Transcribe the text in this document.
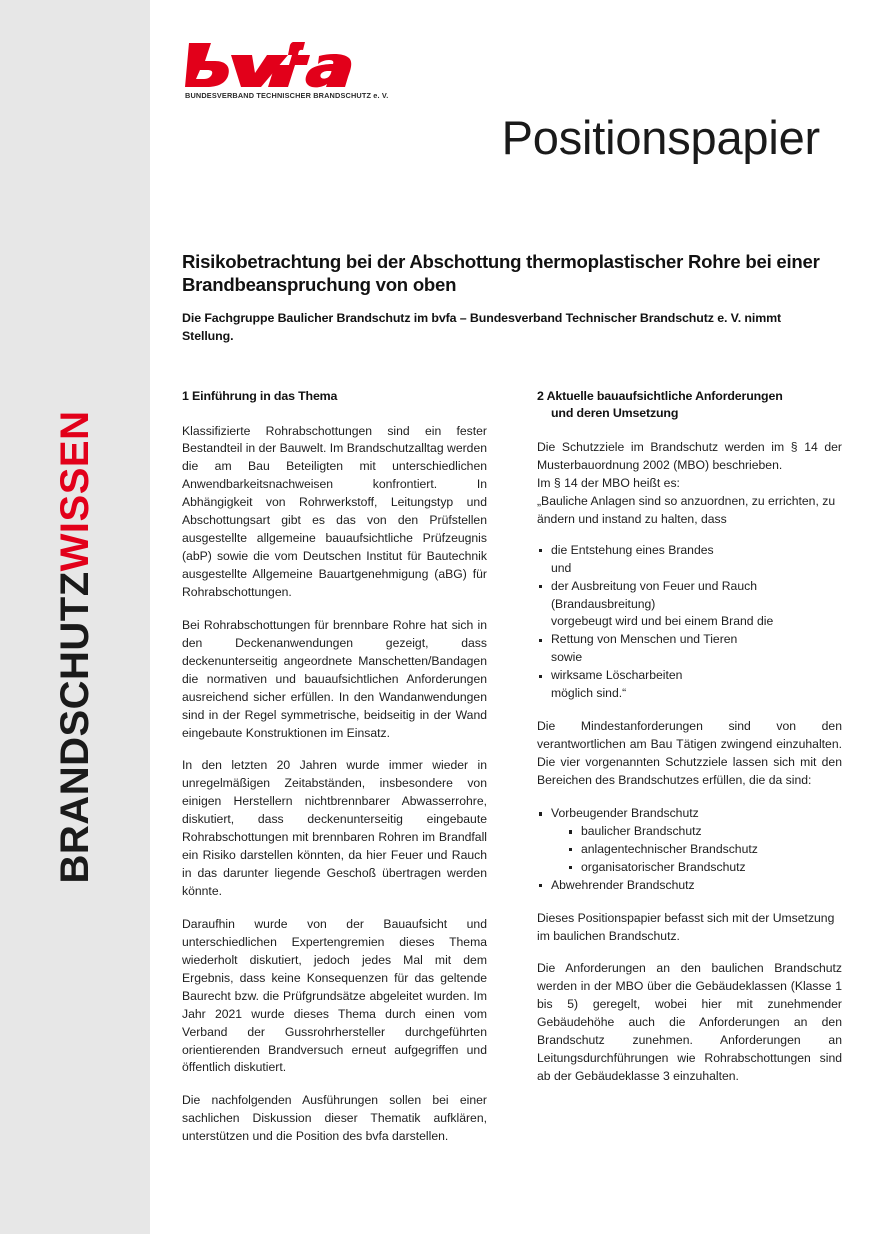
BRANDSCHUTZWISSEN
BUNDESVERBAND TECHNISCHER BRANDSCHUTZ e. V.
Positionspapier
Risikobetrachtung bei der Abschottung thermoplastischer Rohre bei einer Brandbeanspruchung von oben

Die Fachgruppe Baulicher Brandschutz im bvfa – Bundesverband Technischer Brandschutz e. V. nimmt Stellung.

1 Einführung in das Thema

Klassifizierte Rohrabschottungen sind ein fester Bestandteil in der Bauwelt. Im Brandschutzalltag werden die am Bau Beteiligten mit unterschiedlichen Anwendbarkeitsnachweisen konfrontiert. In Abhängigkeit von Rohrwerkstoff, Leitungstyp und Abschottungsart gibt es das von den Prüfstellen ausgestellte allgemeine bauaufsichtliche Prüfzeugnis (abP) sowie die vom Deutschen Institut für Bautechnik ausgestellte Allgemeine Bauartgenehmigung (aBG) für Rohrabschottungen.

Bei Rohrabschottungen für brennbare Rohre hat sich in den Deckenanwendungen gezeigt, dass deckenunterseitig angeordnete Manschetten/Bandagen die normativen und bauaufsichtlichen Anforderungen ausreichend sicher erfüllen. In den Wandanwendungen sind in der Regel symmetrische, beidseitig in der Wand eingebaute Konstruktionen im Einsatz.

In den letzten 20 Jahren wurde immer wieder in unregelmäßigen Zeitabständen, insbesondere von einigen Herstellern nichtbrennbarer Abwasserrohre, diskutiert, dass deckenunterseitig eingebaute Rohrabschottungen mit brennbaren Rohren im Brandfall ein Risiko darstellen könnten, da hier Feuer und Rauch in das darunter liegende Geschoß übertragen werden könnte.

Daraufhin wurde von der Bauaufsicht und unterschiedlichen Expertengremien dieses Thema wiederholt diskutiert, jedoch jedes Mal mit dem Ergebnis, dass keine Konsequenzen für das geltende Baurecht bzw. die Prüfgrundsätze abgeleitet wurden. Im Jahr 2021 wurde dieses Thema durch einen vom Verband der Gussrohrhersteller durchgeführten orientierenden Brandversuch erneut aufgegriffen und öffentlich diskutiert.

Die nachfolgenden Ausführungen sollen bei einer sachlichen Diskussion dieser Thematik aufklären, unterstützen und die Position des bvfa darstellen.

2 Aktuelle bauaufsichtliche Anforderungen
und deren Umsetzung

Die Schutzziele im Brandschutz werden im § 14 der Musterbauordnung 2002 (MBO) beschrieben.

Im § 14 der MBO heißt es:

„Bauliche Anlagen sind so anzuordnen, zu errichten, zu ändern und instand zu halten, dass

die Entstehung eines Brandes
und
der Ausbreitung von Feuer und Rauch (Brandausbreitung)
vorgebeugt wird und bei einem Brand die
Rettung von Menschen und Tieren
sowie
wirksame Löscharbeiten
möglich sind.“

Die Mindestanforderungen sind von den verantwortlichen am Bau Tätigen zwingend einzuhalten. Die vier vorgenannten Schutzziele lassen sich mit den Bereichen des Brandschutzes erfüllen, die da sind:

Vorbeugender Brandschutz
baulicher Brandschutz
anlagentechnischer Brandschutz
organisatorischer Brandschutz
Abwehrender Brandschutz

Dieses Positionspapier befasst sich mit der Umsetzung im baulichen Brandschutz.

Die Anforderungen an den baulichen Brandschutz werden in der MBO über die Gebäudeklassen (Klasse 1 bis 5) geregelt, wobei hier mit zunehmender Gebäudehöhe auch die Anforderungen an den Brandschutz zunehmen. Anforderungen an Leitungsdurchführungen wie Rohrabschottungen sind ab der Gebäudeklasse 3 einzuhalten.
